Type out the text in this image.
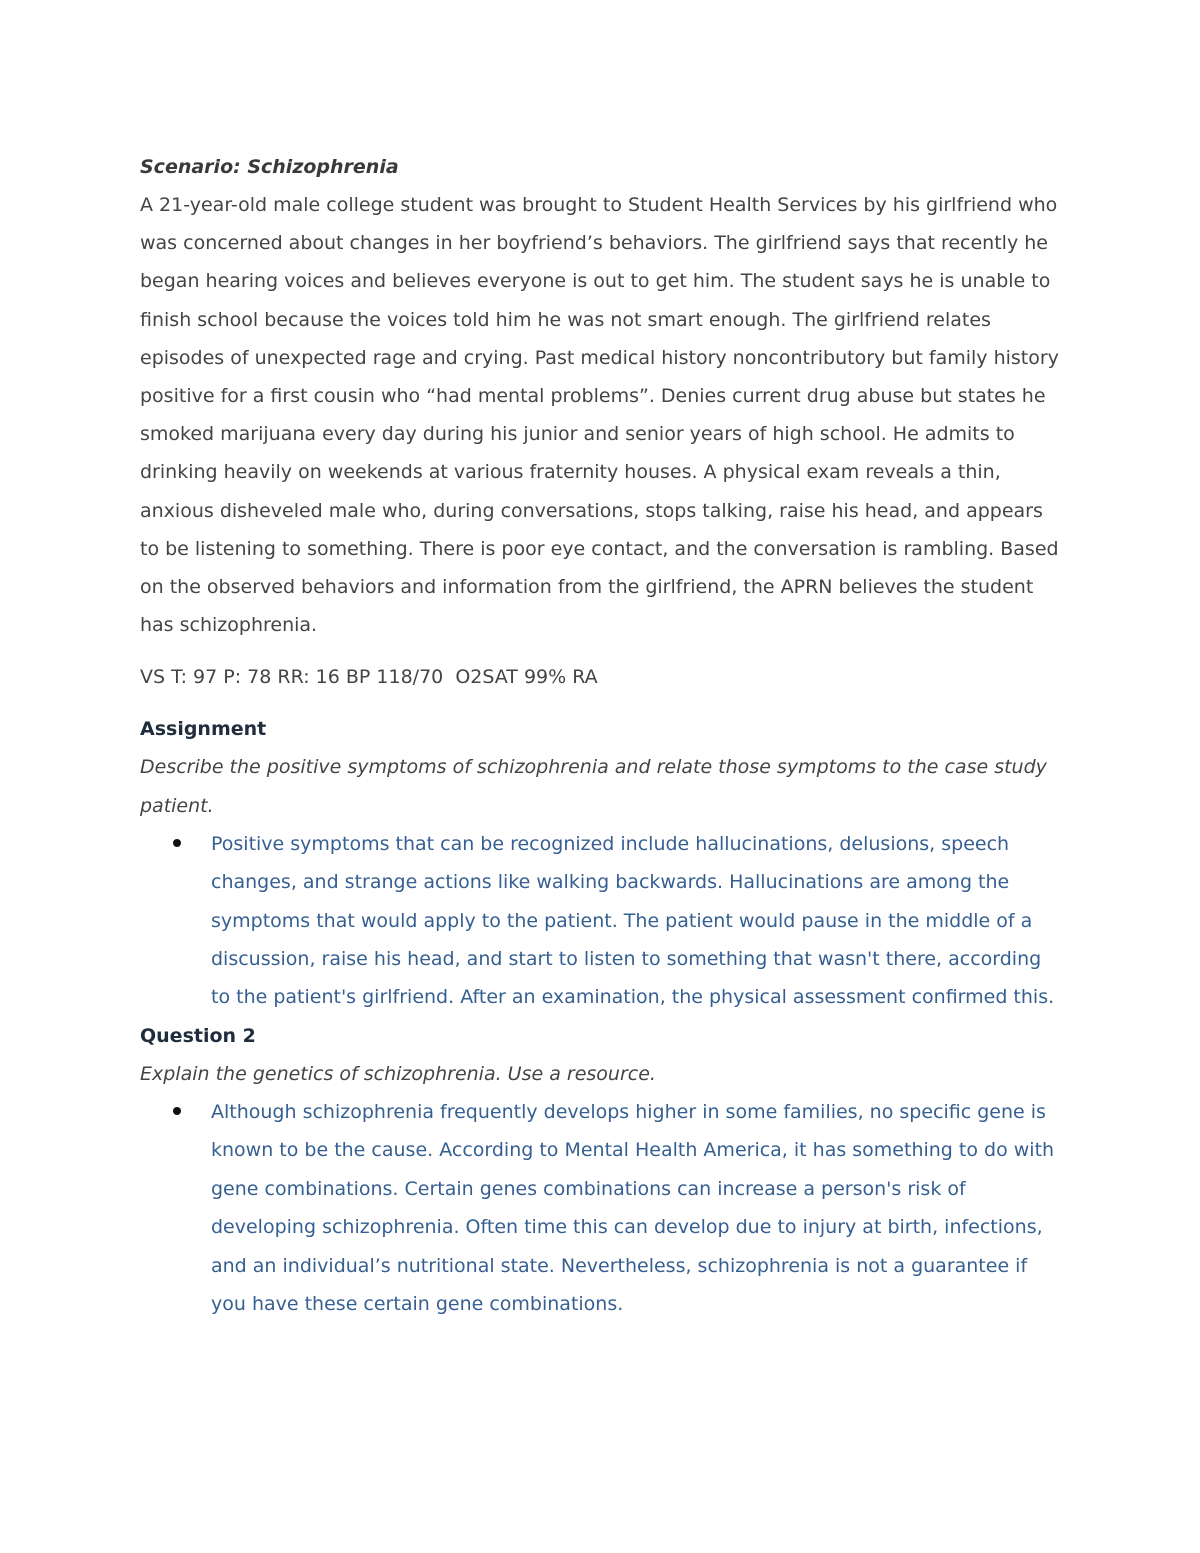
Scenario: Schizophrenia

A 21-year-old male college student was brought to Student Health Services by his girlfriend who was concerned about changes in her boyfriend’s behaviors. The girlfriend says that recently he began hearing voices and believes everyone is out to get him. The student says he is unable to finish school because the voices told him he was not smart enough. The girlfriend relates episodes of unexpected rage and crying. Past medical history noncontributory but family history positive for a first cousin who “had mental problems”. Denies current drug abuse but states he smoked marijuana every day during his junior and senior years of high school. He admits to drinking heavily on weekends at various fraternity houses. A physical exam reveals a thin, anxious disheveled male who, during conversations, stops talking, raise his head, and appears to be listening to something. There is poor eye contact, and the conversation is rambling. Based on the observed behaviors and information from the girlfriend, the APRN believes the student has schizophrenia.

VS T: 97 P: 78 RR: 16 BP 118/70  O2SAT 99% RA

Assignment

Describe the positive symptoms of schizophrenia and relate those symptoms to the case study patient.

Positive symptoms that can be recognized include hallucinations, delusions, speech changes, and strange actions like walking backwards. Hallucinations are among the symptoms that would apply to the patient. The patient would pause in the middle of a discussion, raise his head, and start to listen to something that wasn't there, according to the patient's girlfriend. After an examination, the physical assessment confirmed this.

Question 2

Explain the genetics of schizophrenia. Use a resource.

Although schizophrenia frequently develops higher in some families, no specific gene is known to be the cause. According to Mental Health America, it has something to do with gene combinations. Certain genes combinations can increase a person's risk of developing schizophrenia. Often time this can develop due to injury at birth, infections, and an individual’s nutritional state. Nevertheless, schizophrenia is not a guarantee if you have these certain gene combinations.
